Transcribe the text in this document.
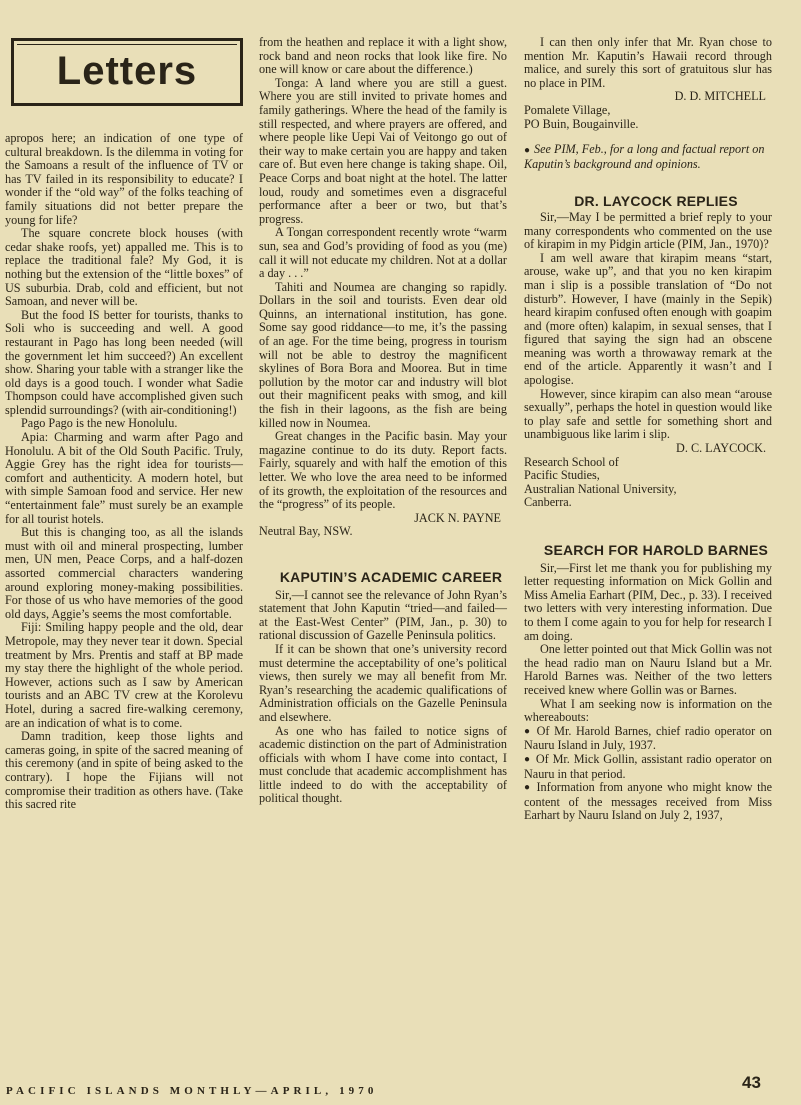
Letters

apropos here; an indication of one type of cultural breakdown. Is the dilemma in voting for the Samoans a result of the influence of TV or has TV failed in its responsibility to educate? I wonder if the “old way” of the folks teaching of family situations did not better prepare the young for life?

The square concrete block houses (with cedar shake roofs, yet) appalled me. This is to replace the traditional fale? My God, it is nothing but the extension of the “little boxes” of US suburbia. Drab, cold and efficient, but not Samoan, and never will be.

But the food IS better for tourists, thanks to Soli who is succeeding and well. A good restaurant in Pago has long been needed (will the government let him succeed?) An excellent show. Sharing your table with a stranger like the old days is a good touch. I wonder what Sadie Thompson could have accomplished given such splendid surroundings? (with air-conditioning!)

Pago Pago is the new Honolulu.

Apia: Charming and warm after Pago and Honolulu. A bit of the Old South Pacific. Truly, Aggie Grey has the right idea for tourists—comfort and authenticity. A modern hotel, but with simple Samoan food and service. Her new “entertainment fale” must surely be an example for all tourist hotels.

But this is changing too, as all the islands must with oil and mineral prospecting, lumber men, UN men, Peace Corps, and a half-dozen assorted commercial characters wandering around exploring money-making possibilities. For those of us who have memories of the good old days, Aggie’s seems the most comfortable.

Fiji: Smiling happy people and the old, dear Metropole, may they never tear it down. Special treatment by Mrs. Prentis and staff at BP made my stay there the highlight of the whole period. However, actions such as I saw by American tourists and an ABC TV crew at the Korolevu Hotel, during a sacred fire-walking ceremony, are an indication of what is to come.

Damn tradition, keep those lights and cameras going, in spite of the sacred meaning of this ceremony (and in spite of being asked to the contrary). I hope the Fijians will not compromise their tradition as others have. (Take this sacred rite

from the heathen and replace it with a light show, rock band and neon rocks that look like fire. No one will know or care about the difference.)

Tonga: A land where you are still a guest. Where you are still invited to private homes and family gatherings. Where the head of the family is still respected, and where prayers are offered, and where people like Uepi Vai of Veitongo go out of their way to make certain you are happy and taken care of. But even here change is taking shape. Oil, Peace Corps and boat night at the hotel. The latter loud, roudy and sometimes even a disgraceful performance after a beer or two, but that’s progress.

A Tongan correspondent recently wrote “warm sun, sea and God’s providing of food as you (me) call it will not educate my children. Not at a dollar a day . . .”

Tahiti and Noumea are changing so rapidly. Dollars in the soil and tourists. Even dear old Quinns, an international institution, has gone. Some say good riddance—to me, it’s the passing of an age. For the time being, progress in tourism will not be able to destroy the magnificent skylines of Bora Bora and Moorea. But in time pollution by the motor car and industry will blot out their magnificent peaks with smog, and kill the fish in their lagoons, as the fish are being killed now in Noumea.

Great changes in the Pacific basin. May your magazine continue to do its duty. Report facts. Fairly, squarely and with half the emotion of this letter. We who love the area need to be informed of its growth, the exploitation of the resources and the “progress” of its people.

JACK N. PAYNE

Neutral Bay, NSW.

KAPUTIN’S ACADEMIC CAREER

Sir,—I cannot see the relevance of John Ryan’s statement that John Kaputin “tried—and failed—at the East-West Center” (PIM, Jan., p. 30) to rational discussion of Gazelle Peninsula politics.

If it can be shown that one’s university record must determine the acceptability of one’s political views, then surely we may all benefit from Mr. Ryan’s researching the academic qualifications of Administration officials on the Gazelle Peninsula and elsewhere.

As one who has failed to notice signs of academic distinction on the part of Administration officials with whom I have come into contact, I must conclude that academic accomplishment has little indeed to do with the acceptability of political thought.

I can then only infer that Mr. Ryan chose to mention Mr. Kaputin’s Hawaii record through malice, and surely this sort of gratuitous slur has no place in PIM.

D. D. MITCHELL

Pomalete Village,

PO Buin, Bougainville.

● See PIM, Feb., for a long and factual report on Kaputin’s background and opinions.

DR. LAYCOCK REPLIES

Sir,—May I be permitted a brief reply to your many correspondents who commented on the use of kirapim in my Pidgin article (PIM, Jan., 1970)?

I am well aware that kirapim means “start, arouse, wake up”, and that you no ken kirapim man i slip is a possible translation of “Do not disturb”. However, I have (mainly in the Sepik) heard kirapim confused often enough with goapim and (more often) kalapim, in sexual senses, that I figured that saying the sign had an obscene meaning was worth a throwaway remark at the end of the article. Apparently it wasn’t and I apologise.

However, since kirapim can also mean “arouse sexually”, perhaps the hotel in question would like to play safe and settle for something short and unambiguous like larim i slip.

D. C. LAYCOCK.

Research School of

Pacific Studies,

Australian National University,

Canberra.

SEARCH FOR HAROLD BARNES

Sir,—First let me thank you for publishing my letter requesting information on Mick Gollin and Miss Amelia Earhart (PIM, Dec., p. 33). I received two letters with very interesting information. Due to them I come again to you for help for research I am doing.

One letter pointed out that Mick Gollin was not the head radio man on Nauru Island but a Mr. Harold Barnes was. Neither of the two letters received knew where Gollin was or Barnes.

What I am seeking now is information on the whereabouts:

● Of Mr. Harold Barnes, chief radio operator on Nauru Island in July, 1937.

● Of Mr. Mick Gollin, assistant radio operator on Nauru in that period.

● Information from anyone who might know the content of the messages received from Miss Earhart by Nauru Island on July 2, 1937,

PACIFIC ISLANDS MONTHLY—APRIL, 1970	43
